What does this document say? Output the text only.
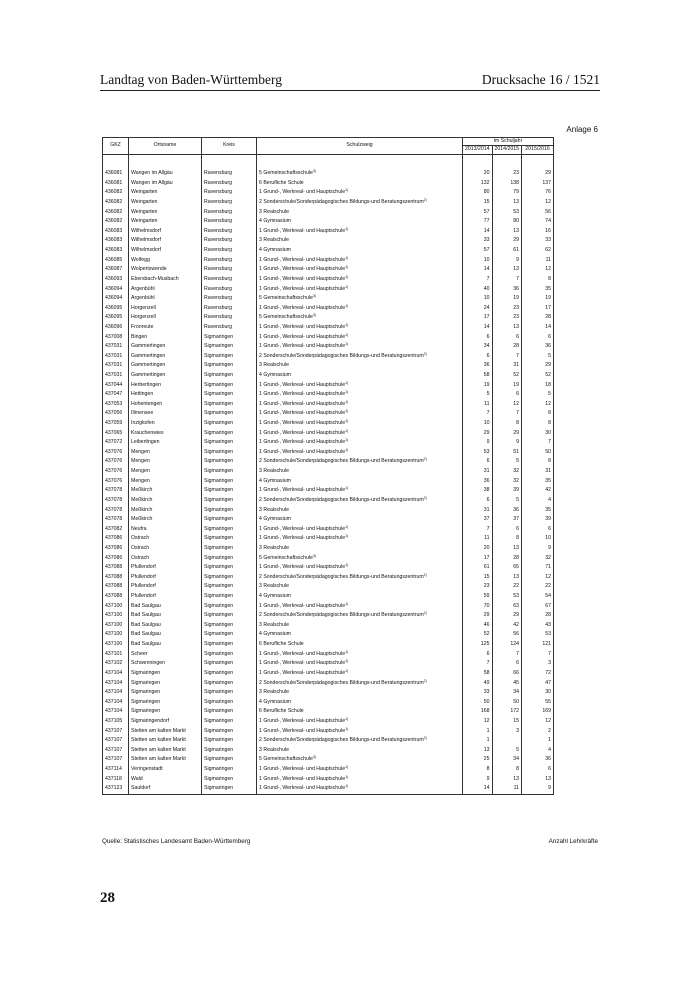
Landtag von Baden-Württemberg	Drucksache 16 / 1521
Anlage 6
GKZ	Ortsname	Kreis	Schulzweig	im Schuljahr		
				2013/2014	2014/2015	2015/2016

436081	Wangen im Allgäu	Ravensburg	5 Gemeinschaftsschule$^{3)}$	20	23	29
436081	Wangen im Allgäu	Ravensburg	6 Berufliche Schule	132	138	137
436082	Weingarten	Ravensburg	1 Grund-, Werkreal- und Hauptschule$^{1)}$	80	79	76
436082	Weingarten	Ravensburg	2 Sonderschule/Sonderpädagogisches Bildungs-und Beratungszentrum$^{2)}$	15	13	12
436082	Weingarten	Ravensburg	3 Realschule	57	53	56
436082	Weingarten	Ravensburg	4 Gymnasium	77	80	74
436083	Wilhelmsdorf	Ravensburg	1 Grund-, Werkreal- und Hauptschule$^{1)}$	14	13	16
436083	Wilhelmsdorf	Ravensburg	3 Realschule	33	29	33
436083	Wilhelmsdorf	Ravensburg	4 Gymnasium	57	61	62
436085	Wolfegg	Ravensburg	1 Grund-, Werkreal- und Hauptschule$^{1)}$	10	9	11
436087	Wolpertswende	Ravensburg	1 Grund-, Werkreal- und Hauptschule$^{1)}$	14	13	12
436093	Ebersbach-Musbach	Ravensburg	1 Grund-, Werkreal- und Hauptschule$^{1)}$	7	7	8
436094	Argenbühl	Ravensburg	1 Grund-, Werkreal- und Hauptschule$^{1)}$	40	36	35
436094	Argenbühl	Ravensburg	5 Gemeinschaftsschule$^{3)}$	10	19	19
436095	Horgenzell	Ravensburg	1 Grund-, Werkreal- und Hauptschule$^{1)}$	24	23	17
436095	Horgenzell	Ravensburg	5 Gemeinschaftsschule$^{3)}$	17	23	28
436096	Fronreute	Ravensburg	1 Grund-, Werkreal- und Hauptschule$^{1)}$	14	13	14
437008	Bingen	Sigmaringen	1 Grund-, Werkreal- und Hauptschule$^{1)}$	6	6	6
437031	Gammertingen	Sigmaringen	1 Grund-, Werkreal- und Hauptschule$^{1)}$	34	28	36
437031	Gammertingen	Sigmaringen	2 Sonderschule/Sonderpädagogisches Bildungs-und Beratungszentrum$^{2)}$	6	7	5
437031	Gammertingen	Sigmaringen	3 Realschule	36	31	29
437031	Gammertingen	Sigmaringen	4 Gymnasium	58	52	52
437044	Herbertingen	Sigmaringen	1 Grund-, Werkreal- und Hauptschule$^{1)}$	19	19	18
437047	Hettingen	Sigmaringen	1 Grund-, Werkreal- und Hauptschule$^{1)}$	5	6	5
437053	Hohentengen	Sigmaringen	1 Grund-, Werkreal- und Hauptschule$^{1)}$	11	12	12
437056	Illmensee	Sigmaringen	1 Grund-, Werkreal- und Hauptschule$^{1)}$	7	7	8
437059	Inzigkofen	Sigmaringen	1 Grund-, Werkreal- und Hauptschule$^{1)}$	10	8	8
437065	Krauchenwies	Sigmaringen	1 Grund-, Werkreal- und Hauptschule$^{1)}$	29	29	30
437072	Leibertingen	Sigmaringen	1 Grund-, Werkreal- und Hauptschule$^{1)}$	9	9	7
437076	Mengen	Sigmaringen	1 Grund-, Werkreal- und Hauptschule$^{1)}$	53	51	50
437076	Mengen	Sigmaringen	2 Sonderschule/Sonderpädagogisches Bildungs-und Beratungszentrum$^{2)}$	6	5	8
437076	Mengen	Sigmaringen	3 Realschule	31	32	31
437076	Mengen	Sigmaringen	4 Gymnasium	36	32	35
437078	Meßkirch	Sigmaringen	1 Grund-, Werkreal- und Hauptschule$^{1)}$	38	39	42
437078	Meßkirch	Sigmaringen	2 Sonderschule/Sonderpädagogisches Bildungs-und Beratungszentrum$^{2)}$	6	5	4
437078	Meßkirch	Sigmaringen	3 Realschule	31	36	35
437078	Meßkirch	Sigmaringen	4 Gymnasium	37	37	39
437082	Neufra	Sigmaringen	1 Grund-, Werkreal- und Hauptschule$^{1)}$	7	6	6
437086	Ostrach	Sigmaringen	1 Grund-, Werkreal- und Hauptschule$^{1)}$	11	8	10
437086	Ostrach	Sigmaringen	3 Realschule	20	13	9
437086	Ostrach	Sigmaringen	5 Gemeinschaftsschule$^{3)}$	17	28	32
437088	Pfullendorf	Sigmaringen	1 Grund-, Werkreal- und Hauptschule$^{1)}$	61	65	71
437088	Pfullendorf	Sigmaringen	2 Sonderschule/Sonderpädagogisches Bildungs-und Beratungszentrum$^{2)}$	15	13	12
437088	Pfullendorf	Sigmaringen	3 Realschule	23	22	22
437088	Pfullendorf	Sigmaringen	4 Gymnasium	59	53	54
437100	Bad Saulgau	Sigmaringen	1 Grund-, Werkreal- und Hauptschule$^{1)}$	70	63	67
437100	Bad Saulgau	Sigmaringen	2 Sonderschule/Sonderpädagogisches Bildungs-und Beratungszentrum$^{2)}$	29	29	28
437100	Bad Saulgau	Sigmaringen	3 Realschule	46	42	43
437100	Bad Saulgau	Sigmaringen	4 Gymnasium	52	56	53
437100	Bad Saulgau	Sigmaringen	6 Berufliche Schule	125	124	121
437101	Scheer	Sigmaringen	1 Grund-, Werkreal- und Hauptschule$^{1)}$	6	7	7
437102	Schwenningen	Sigmaringen	1 Grund-, Werkreal- und Hauptschule$^{1)}$	7	6	3
437104	Sigmaringen	Sigmaringen	1 Grund-, Werkreal- und Hauptschule$^{1)}$	58	66	72
437104	Sigmaringen	Sigmaringen	2 Sonderschule/Sonderpädagogisches Bildungs-und Beratungszentrum$^{2)}$	49	45	47
437104	Sigmaringen	Sigmaringen	3 Realschule	33	34	30
437104	Sigmaringen	Sigmaringen	4 Gymnasium	50	50	55
437104	Sigmaringen	Sigmaringen	6 Berufliche Schule	168	172	169
437105	Sigmaringendorf	Sigmaringen	1 Grund-, Werkreal- und Hauptschule$^{1)}$	12	15	12
437107	Stetten am kalten Markt	Sigmaringen	1 Grund-, Werkreal- und Hauptschule$^{1)}$	1	3	2
437107	Stetten am kalten Markt	Sigmaringen	2 Sonderschule/Sonderpädagogisches Bildungs-und Beratungszentrum$^{2)}$	1		1
437107	Stetten am kalten Markt	Sigmaringen	3 Realschule	13	5	4
437107	Stetten am kalten Markt	Sigmaringen	5 Gemeinschaftsschule$^{3)}$	25	34	36
437114	Veringenstadt	Sigmaringen	1 Grund-, Werkreal- und Hauptschule$^{1)}$	8	8	6
437118	Wald	Sigmaringen	1 Grund-, Werkreal- und Hauptschule$^{1)}$	9	13	13
437123	Sauldorf	Sigmaringen	1 Grund-, Werkreal- und Hauptschule$^{1)}$	14	11	9
Quelle: Statistisches Landesamt Baden-Württemberg	Anzahl Lehrkräfte
28
